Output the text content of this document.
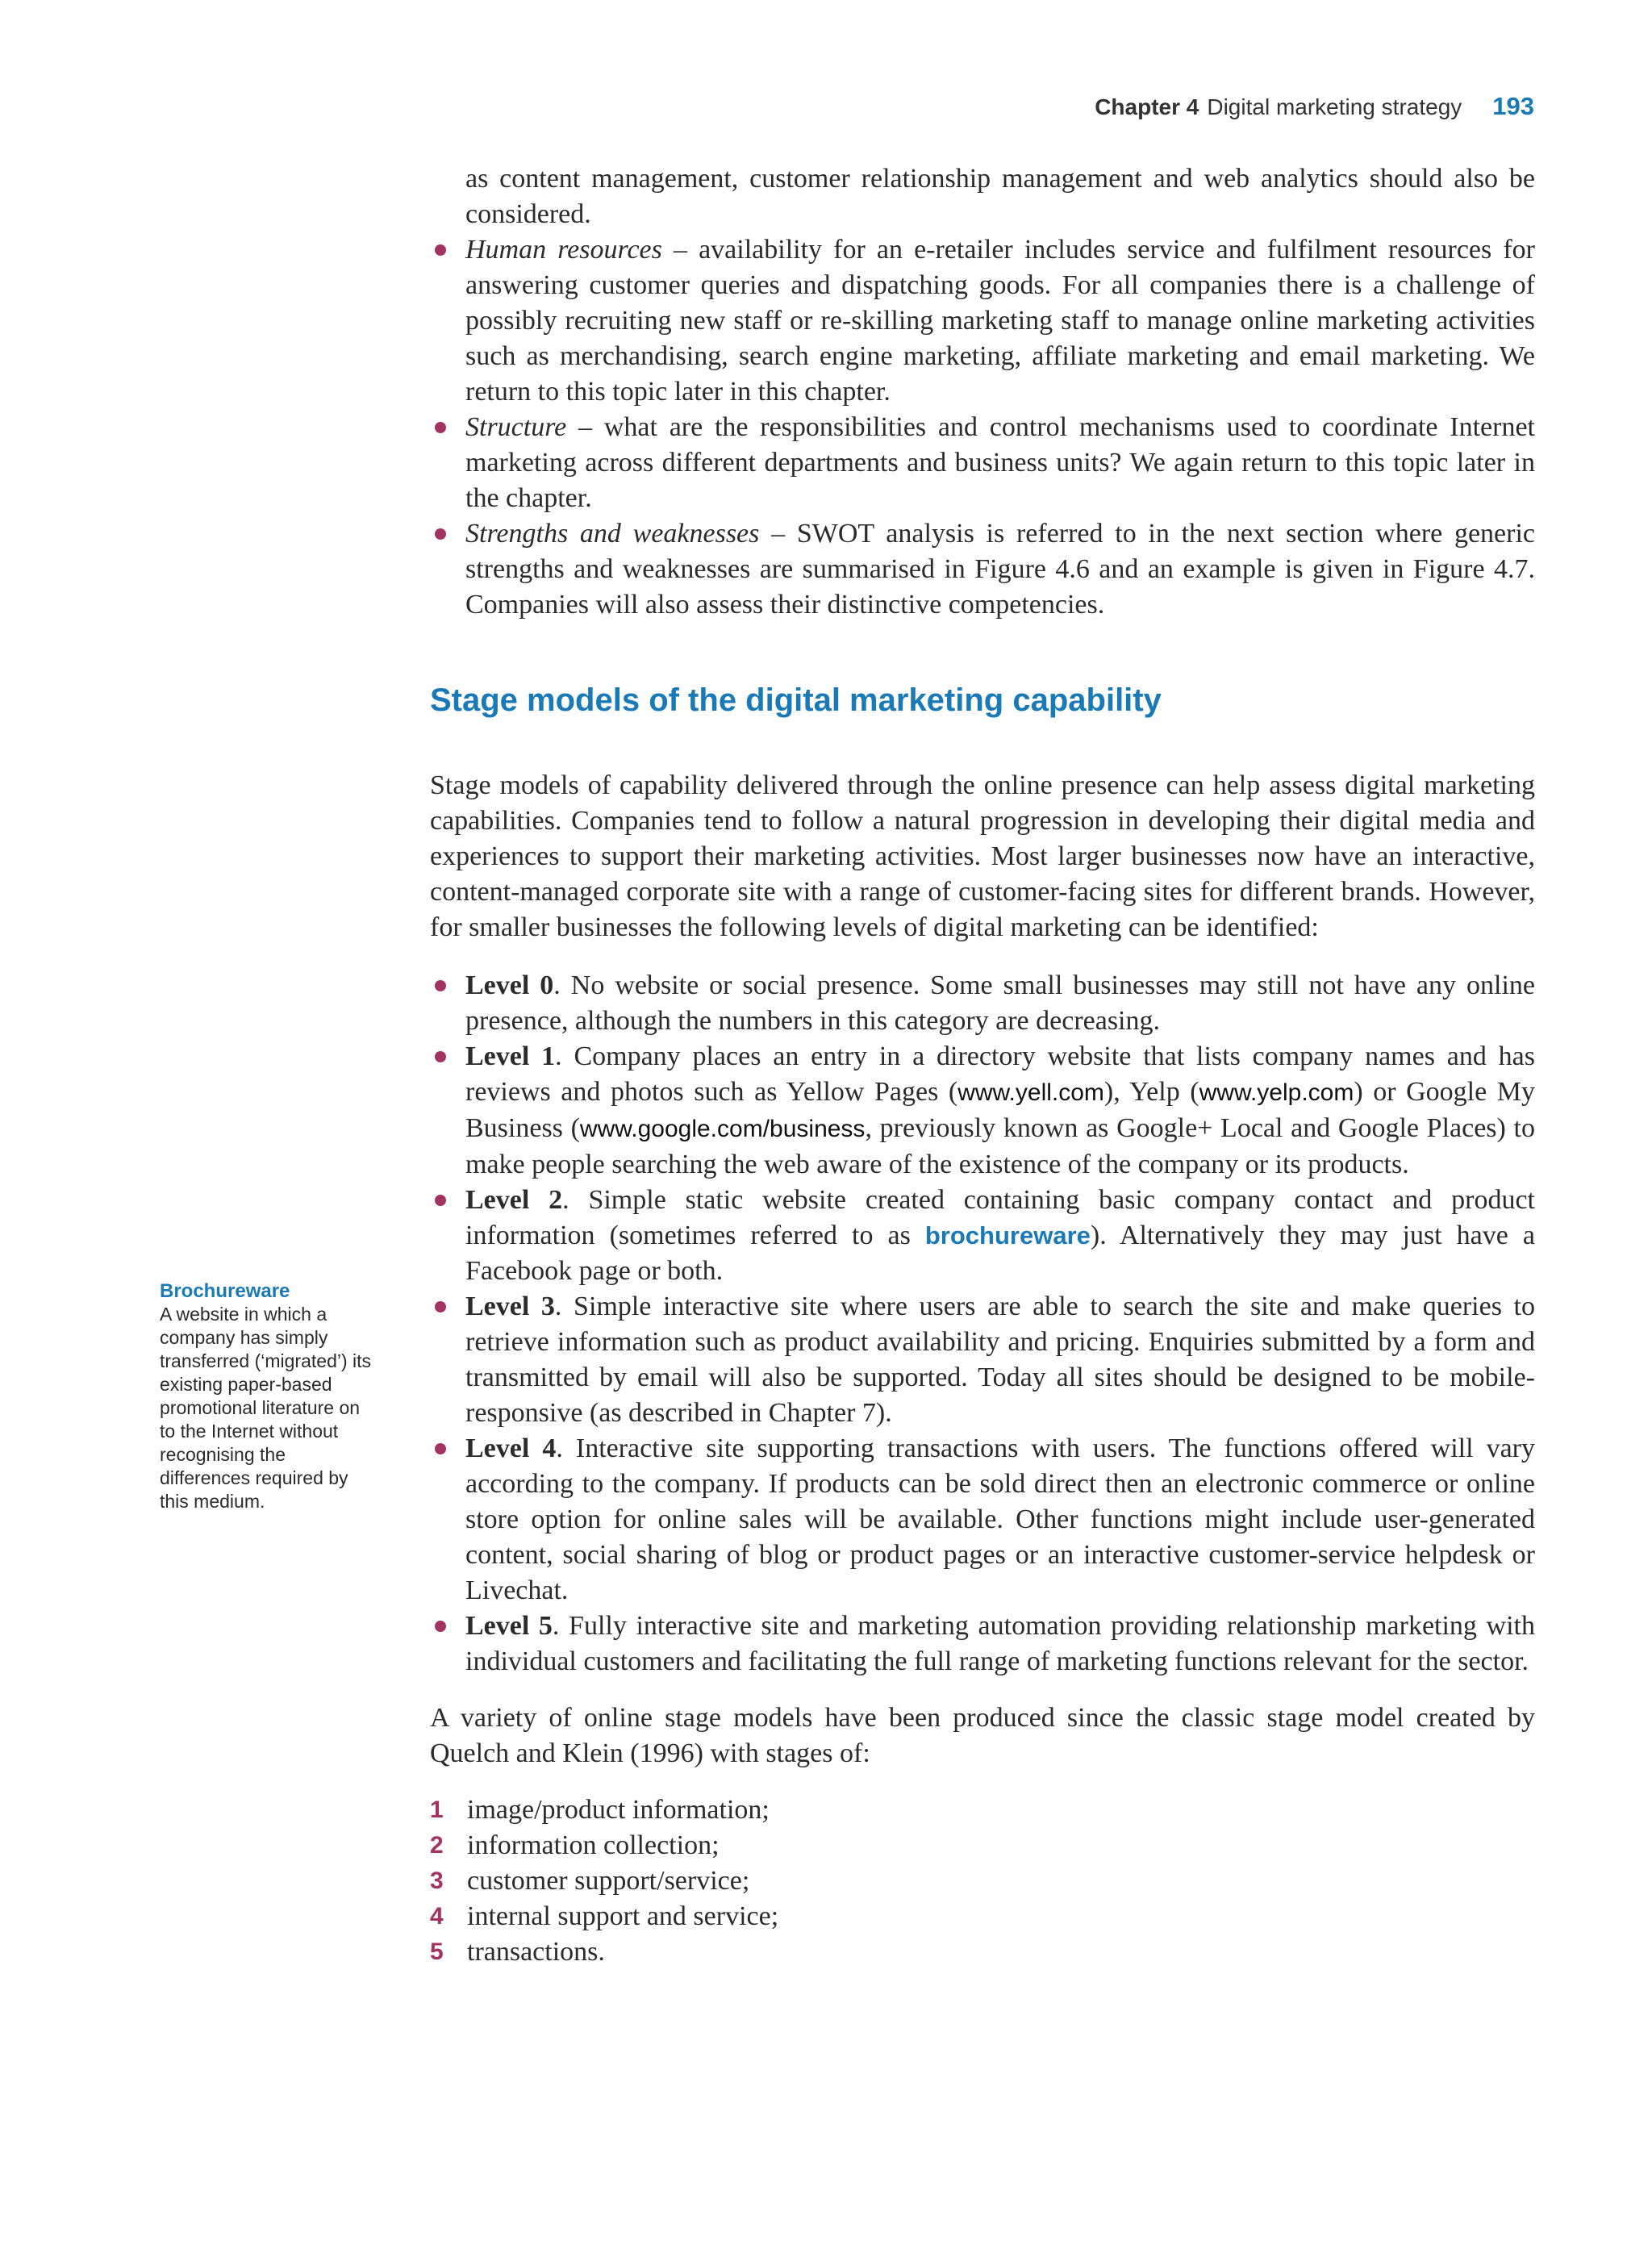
Chapter 4 Digital marketing strategy 193

as content management, customer relationship management and web analytics should also be considered.

Human resources – availability for an e-retailer includes service and fulfilment resources for answering customer queries and dispatching goods. For all companies there is a challenge of possibly recruiting new staff or re-skilling marketing staff to manage online marketing activities such as merchandising, search engine marketing, affiliate marketing and email marketing. We return to this topic later in this chapter.
Structure – what are the responsibilities and control mechanisms used to coordinate Internet marketing across different departments and business units? We again return to this topic later in the chapter.
Strengths and weaknesses – SWOT analysis is referred to in the next section where generic strengths and weaknesses are summarised in Figure 4.6 and an example is given in Figure 4.7. Companies will also assess their distinctive competencies.
Stage models of the digital marketing capability

Stage models of capability delivered through the online presence can help assess digital marketing capabilities. Companies tend to follow a natural progression in developing their digital media and experiences to support their marketing activities. Most larger businesses now have an interactive, content-managed corporate site with a range of customer-facing sites for different brands. However, for smaller businesses the following levels of digital marketing can be identified:

Level 0. No website or social presence. Some small businesses may still not have any online presence, although the numbers in this category are decreasing.
Level 1. Company places an entry in a directory website that lists company names and has reviews and photos such as Yellow Pages (www.yell.com), Yelp (www.yelp.com) or Google My Business (www.google.com/business, previously known as Google+ Local and Google Places) to make people searching the web aware of the existence of the company or its products.
Level 2. Simple static website created containing basic company contact and product information (sometimes referred to as brochureware). Alternatively they may just have a Facebook page or both.
Level 3. Simple interactive site where users are able to search the site and make queries to retrieve information such as product availability and pricing. Enquiries submitted by a form and transmitted by email will also be supported. Today all sites should be designed to be mobile-responsive (as described in Chapter 7).
Level 4. Interactive site supporting transactions with users. The functions offered will vary according to the company. If products can be sold direct then an electronic commerce or online store option for online sales will be available. Other functions might include user-generated content, social sharing of blog or product pages or an interactive customer-service helpdesk or Livechat.
Level 5. Fully interactive site and marketing automation providing relationship marketing with individual customers and facilitating the full range of marketing functions relevant for the sector.

A variety of online stage models have been produced since the classic stage model created by Quelch and Klein (1996) with stages of:

1 image/product information;
2 information collection;
3 customer support/service;
4 internal support and service;
5 transactions.
Brochureware
A website in which a company has simply transferred (‘migrated’) its existing paper-based promotional literature on to the Internet without recognising the differences required by this medium.
